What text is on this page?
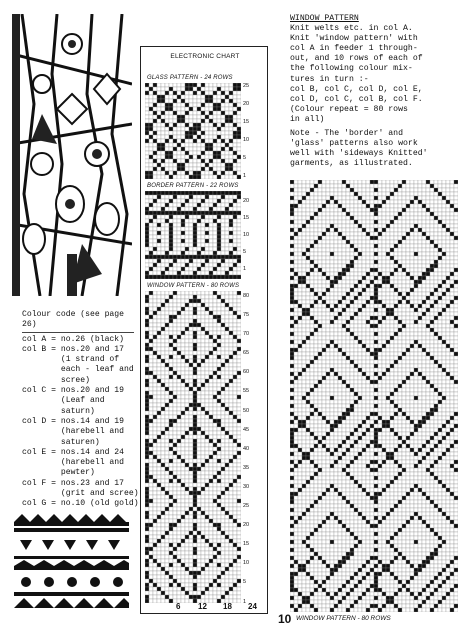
Colour code (see page 26)
col A = no.26 (black)
col B = nos.20 and 17
(1 strand of
each - leaf and
scree)
col C = nos.20 and 19
(Leaf and
saturn)
col D = nos.14 and 19
(harebell and
saturen)
col E = nos.14 and 24
(harebell and
pewter)
col F = nos.23 and 17
(grit and scree)
col G = no.10 (old gold)
ELECTRONIC CHART
GLASS PATTERN - 24 ROWS
25
20
15
10
5
1
BORDER PATTERN - 22 ROWS
20
15
10
5
1
WINDOW PATTERN - 80 ROWS
80
75
70
65
60
55
50
45
40
35
30
25
20
15
10
5
1
6 12 18 24
10

WINDOW PATTERN

Knit welts etc. in col A.

Knit 'window pattern' with

col A in feeder 1 through-

out, and 10 rows of each of

the following colour mix-

tures in turn :-

col B, col C, col D, col E,

col D, col C, col B, col F.

(Colour repeat = 80 rows

in all)

Note - The 'border' and

'glass' patterns also work

well with 'sideways Knitted'

garments, as illustrated.

WINDOW PATTERN - 80 ROWS
